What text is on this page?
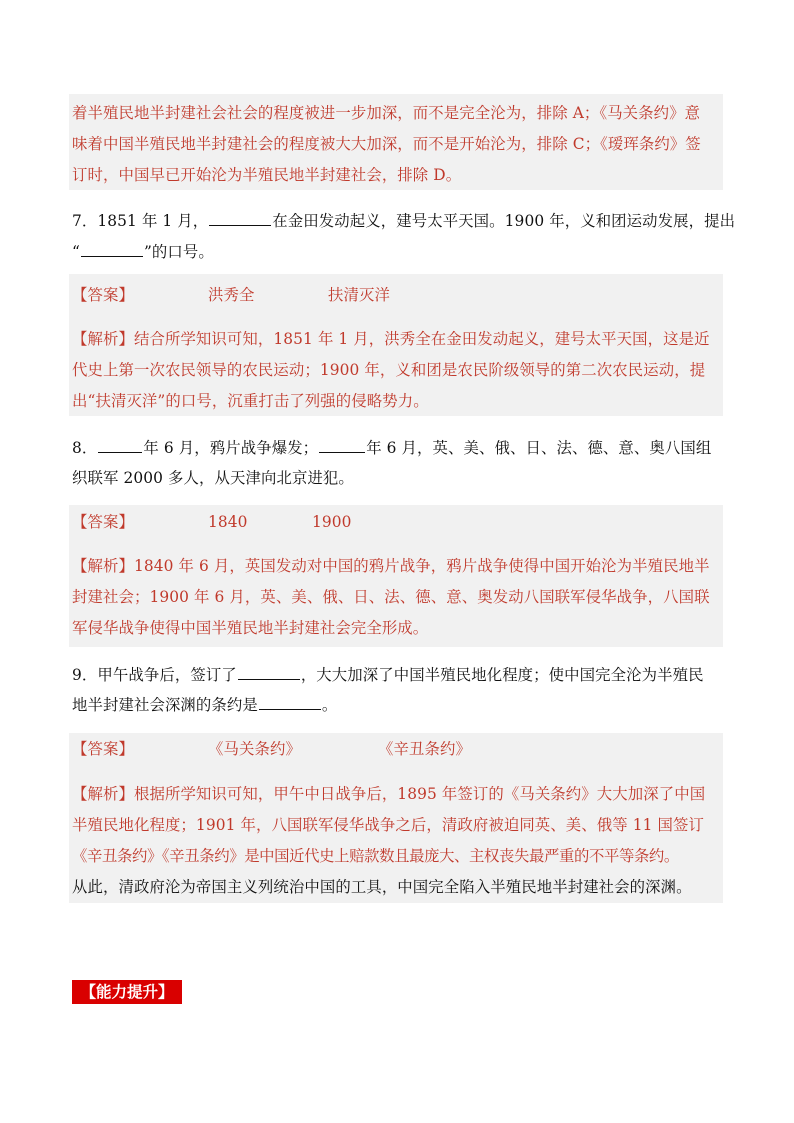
着半殖民地半封建社会社会的程度被进一步加深，而不是完全沦为，排除 A；《马关条约》意
味着中国半殖民地半封建社会的程度被大大加深，而不是开始沦为，排除 C；《瑷珲条约》签
订时，中国早已开始沦为半殖民地半封建社会，排除 D。
7．1851 年 1 月，	在金田发动起义，建号太平天国。1900 年，义和团运动发展，提出
“	”的口号。
【答案】	洪秀全	扶清灭洋
【解析】结合所学知识可知，1851 年 1 月，洪秀全在金田发动起义，建号太平天国，这是近
代史上第一次农民领导的农民运动；1900 年，义和团是农民阶级领导的第二次农民运动，提
出“扶清灭洋”的口号，沉重打击了列强的侵略势力。
8．	年 6 月，鸦片战争爆发；	年 6 月，英、美、俄、日、法、德、意、奥八国组
织联军 2000 多人，从天津向北京进犯。
【答案】	1840	1900
【解析】1840 年 6 月，英国发动对中国的鸦片战争，鸦片战争使得中国开始沦为半殖民地半
封建社会；1900 年 6 月，英、美、俄、日、法、德、意、奥发动八国联军侵华战争，八国联
军侵华战争使得中国半殖民地半封建社会完全形成。
9．甲午战争后，签订了	，大大加深了中国半殖民地化程度；使中国完全沦为半殖民
地半封建社会深渊的条约是	。
【答案】	《马关条约》	《辛丑条约》
【解析】根据所学知识可知，甲午中日战争后，1895 年签订的《马关条约》大大加深了中国
半殖民地化程度；1901 年，八国联军侵华战争之后，清政府被迫同英、美、俄等 11 国签订
《辛丑条约》《辛丑条约》是中国近代史上赔款数且最庞大、主权丧失最严重的不平等条约。
从此，清政府沦为帝国主义列统治中国的工具，中国完全陷入半殖民地半封建社会的深渊。
【能力提升】
